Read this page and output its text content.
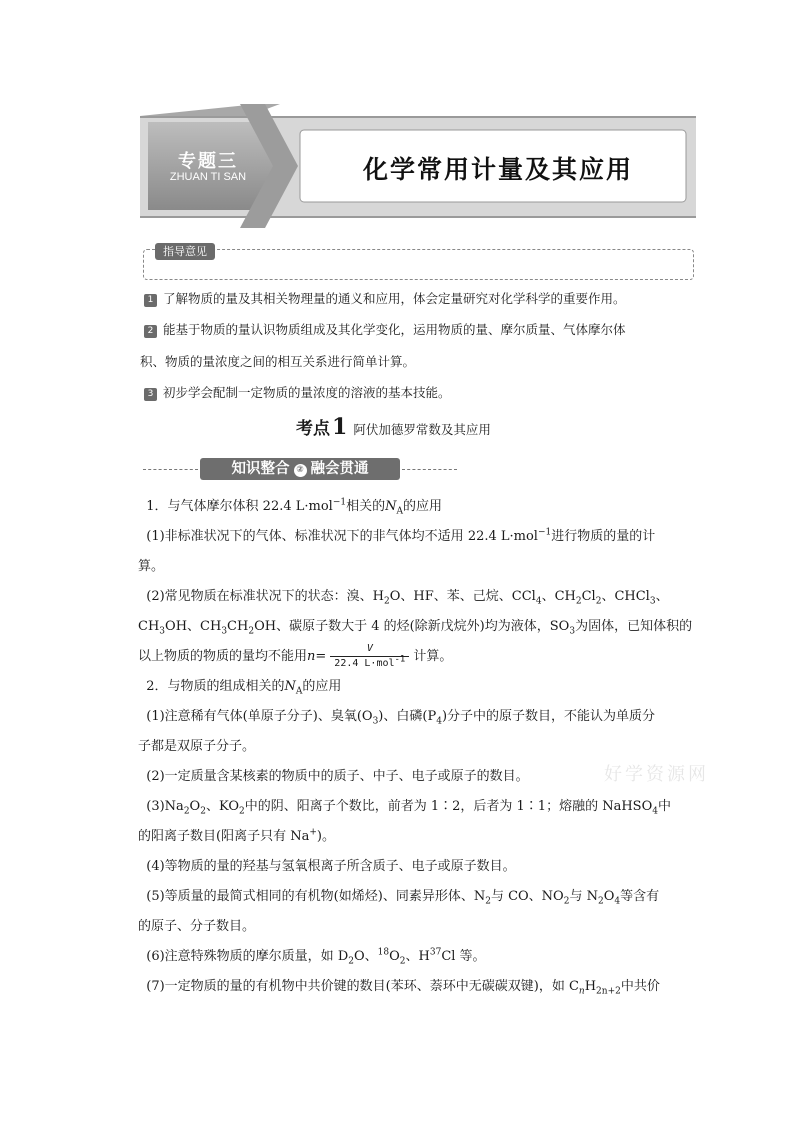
专题三
ZHUAN TI SAN	化学常用计量及其应用
指导意见
1 了解物质的量及其相关物理量的通义和应用，体会定量研究对化学科学的重要作用。
2 能基于物质的量认识物质组成及其化学变化，运用物质的量、摩尔质量、气体摩尔体
积、物质的量浓度之间的相互关系进行简单计算。
3 初步学会配制一定物质的量浓度的溶液的基本技能。
考点1 阿伏加德罗常数及其应用
知识整合 ② 融会贯通

1．与气体摩尔体积 22.4 L·mol$^{-1}$相关的$N_A$的应用

(1)非标准状况下的气体、标准状况下的非气体均不适用 22.4 L·mol$^{-1}$进行物质的量的计
算。

(2)常见物质在标准状况下的状态：溴、$H_2O$、HF、苯、己烷、CCl$_4$、$CH_2Cl_2$、CHCl$_3$、
$CH_3OH$、$CH_3CH_2OH$、碳原子数大于 4 的烃(除新戊烷外)均为液体，$SO_3$为固体，已知体积的
以上物质的物质的量均不能用$n= \frac{V}{22.4 L\cdot mol^{-1}}$ 计算。

2．与物质的组成相关的$N_A$的应用

(1)注意稀有气体(单原子分子)、臭氧$(O_3)$、白磷$(P_4)$分子中的原子数目，不能认为单质分
子都是双原子分子。

(2)一定质量含某核素的物质中的质子、中子、电子或原子的数目。

$(3)Na_2O_2$、$KO_2$中的阴、阳离子个数比，前者为 1∶2，后者为 1∶1；熔融的 NaHSO$_4$中
的阳离子数目(阳离子只有 Na+)。

(4)等物质的量的羟基与氢氧根离子所含质子、电子或原子数目。

(5)等质量的最简式相同的有机物(如烯烃)、同素异形体、$N_2$与 CO、$NO_2$与 $N_2O_4$等含有
的原子、分子数目。

(6)注意特殊物质的摩尔质量，如 $D_2O$、$^{18}O_2$、$H^{37}Cl$ 等。

(7)一定物质的量的有机物中共价键的数目(苯环、萘环中无碳碳双键)，如 $C_nH_{2n+2}$中共价

好学资源网
